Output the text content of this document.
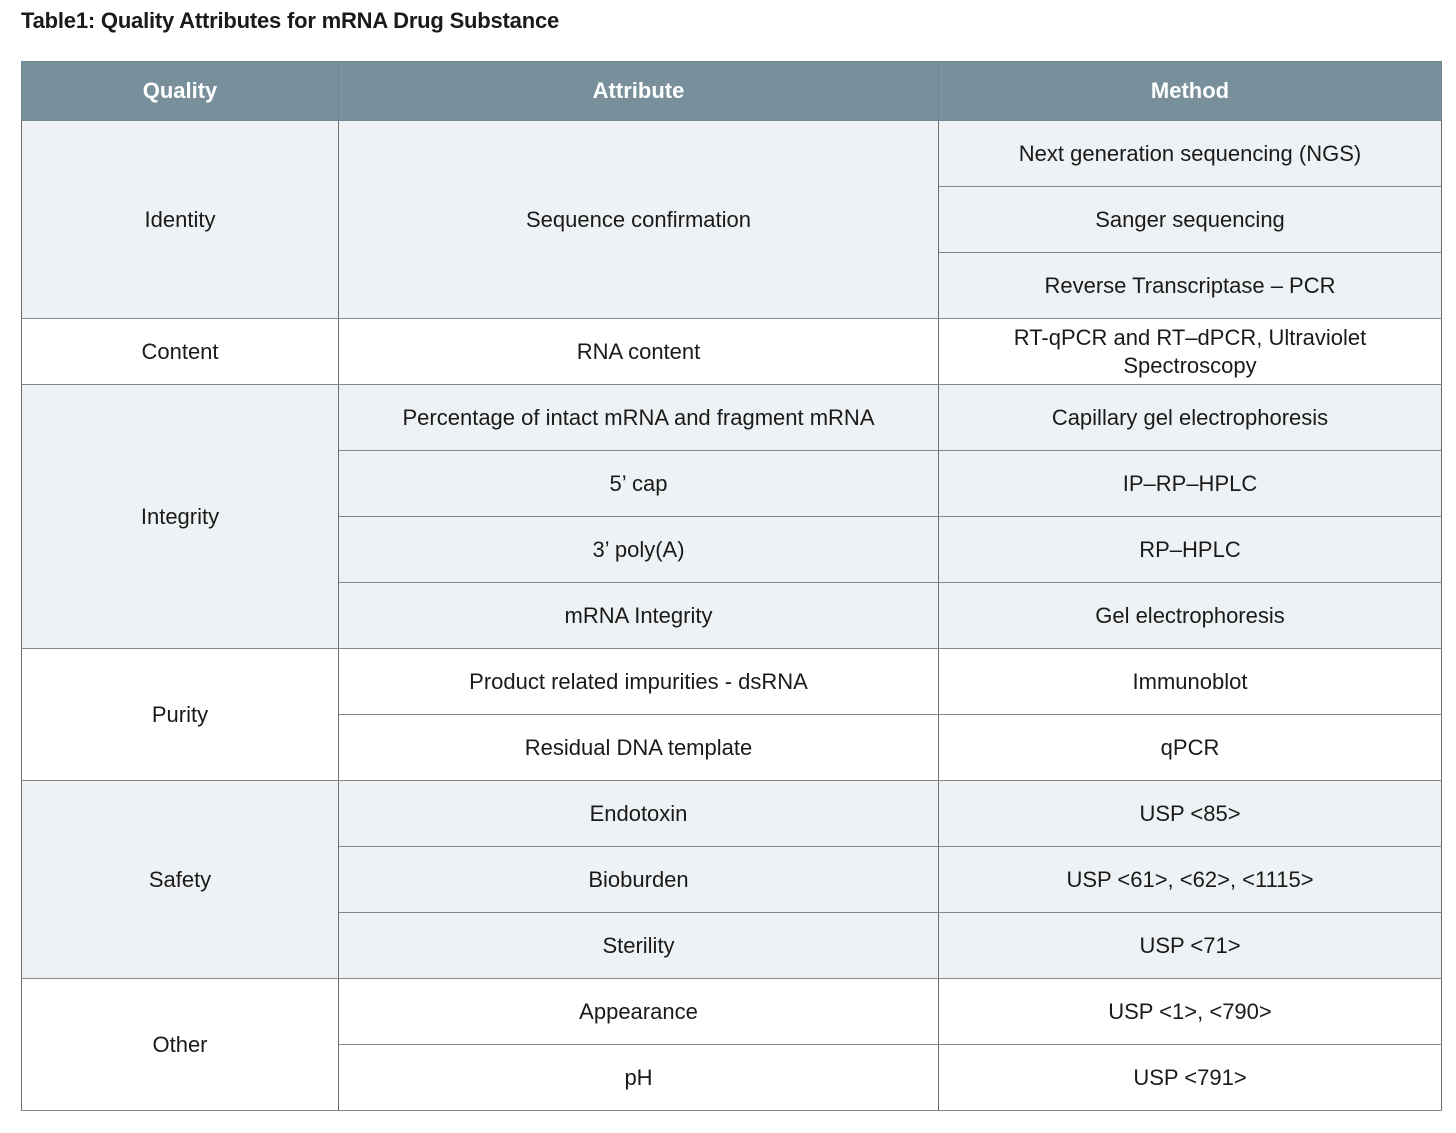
Table1: Quality Attributes for mRNA Drug Substance
Quality	Attribute	Method
Identity	Sequence confirmation	Next generation sequencing (NGS)
		Sanger sequencing
		Reverse Transcriptase – PCR
Content	RNA content	RT-qPCR and RT–dPCR, Ultraviolet Spectroscopy
Integrity	Percentage of intact mRNA and fragment mRNA	Capillary gel electrophoresis
	5’ cap	IP–RP–HPLC
	3’ poly(A)	RP–HPLC
	mRNA Integrity	Gel electrophoresis
Purity	Product related impurities - dsRNA	Immunoblot
	Residual DNA template	qPCR
Safety	Endotoxin	USP <85>
	Bioburden	USP <61>, <62>, <1115>
	Sterility	USP <71>
Other	Appearance	USP <1>, <790>
	pH	USP <791>
